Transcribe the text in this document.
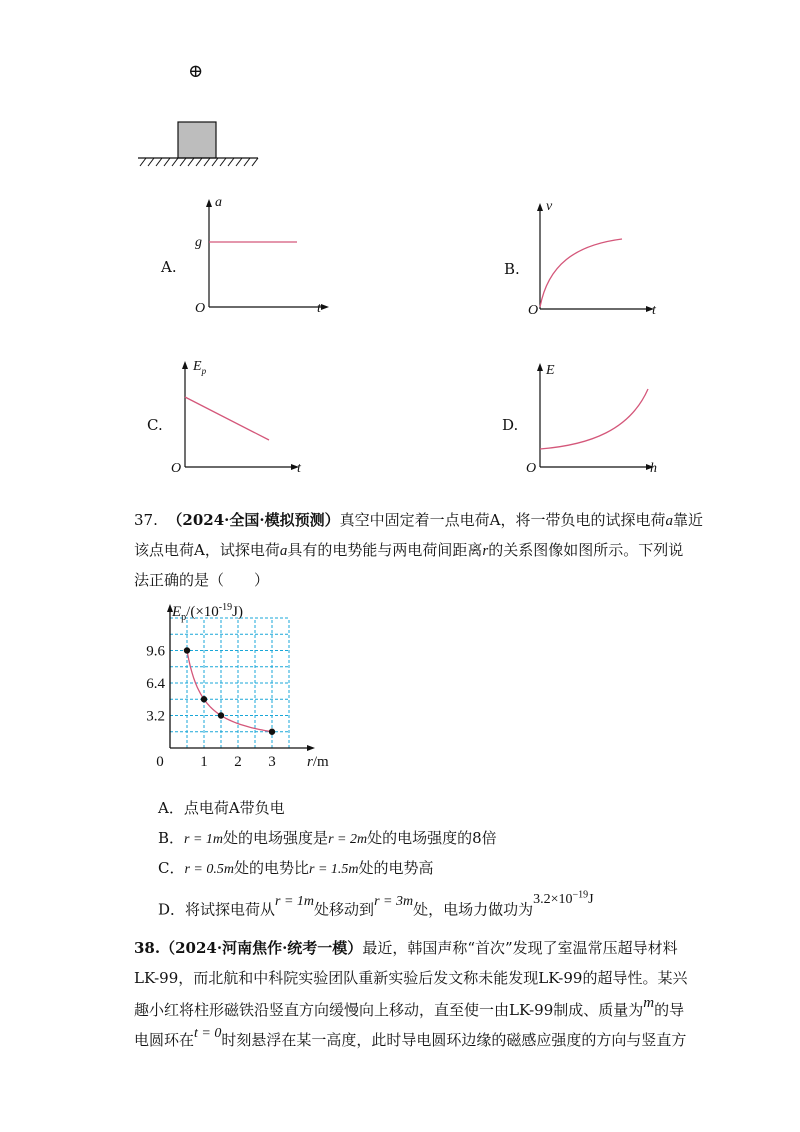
⊕
A.
a
g
O	t
B.
v
O	t
C.
$E_p$
O	t
D.
E
O	h
37. （2024·全国·模拟预测）真空中固定着一点电荷A，将一带负电的试探电荷a靠近
该点电荷A，试探电荷a具有的电势能与两电荷间距离r的关系图像如图所示。下列说
法正确的是（　　）
3.2
6.4
9.6
1 2 3
0	r/m
$E_p/(\times 10^{-19}J)$
A．点电荷A带负电
B．r = 1m处的电场强度是r = 2m处的电场强度的8倍
C．r = 0.5m处的电势比r = 1.5m处的电势高
D．将试探电荷从r = 1m处移动到r = 3m处，电场力做功为$3.2\times 10^{-19}J$
38.（2024·河南焦作·统考一模）最近，韩国声称“首次”发现了室温常压超导材料
LK-99，而北航和中科院实验团队重新实验后发文称未能发现LK-99的超导性。某兴
趣小红将柱形磁铁沿竖直方向缓慢向上移动，直至使一由LK-99制成、质量为m的导
电圆环在t = 0时刻悬浮在某一高度，此时导电圆环边缘的磁感应强度的方向与竖直方
